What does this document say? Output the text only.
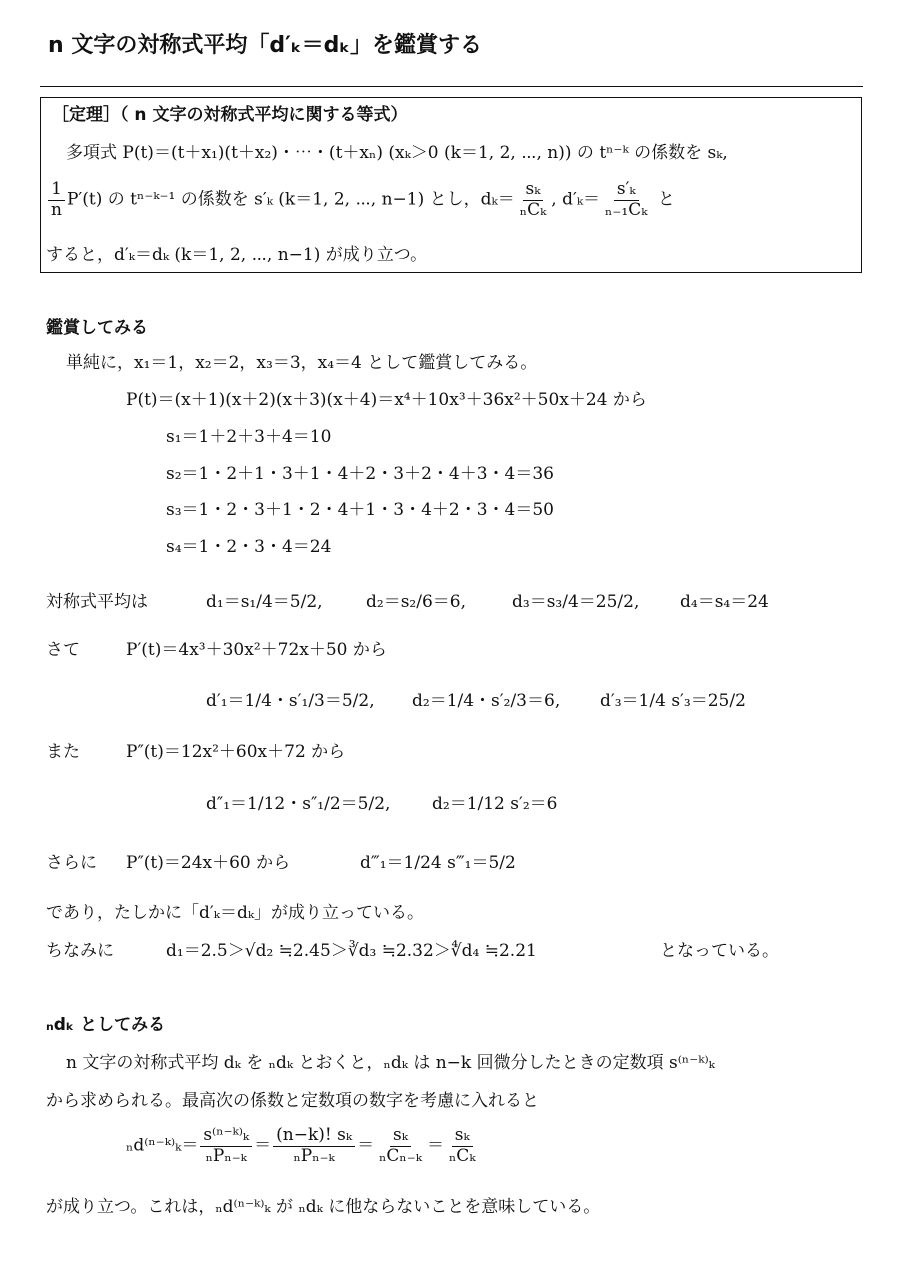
n 文字の対称式平均「d′ₖ＝dₖ」を鑑賞する
［定理］（ n 文字の対称式平均に関する等式）
多項式 P(t)＝(t＋x₁)(t＋x₂)・⋯・(t＋xₙ) (xₖ＞0 (k＝1, 2, ⋯, n)) の tⁿ⁻ᵏ の係数を sₖ,
$\frac{1}{n} P'(t)$ の tⁿ⁻ᵏ⁻¹ の係数を s′ₖ (k＝1, 2, ⋯, n−1) とし，$d_k= \frac{\text{sₖ}}{\text{ₙCₖ}}$ , $d'_k= \frac{\text{s′ₖ}}{\text{ₙ₋₁Cₖ}}$ と
すると，d′ₖ＝dₖ (k＝1, 2, ⋯, n−1) が成り立つ。
鑑賞してみる
単純に，x₁＝1，x₂＝2，x₃＝3，x₄＝4 として鑑賞してみる。
P(t)＝(x＋1)(x＋2)(x＋3)(x＋4)＝x⁴＋10x³＋36x²＋50x＋24 から
s₁＝1＋2＋3＋4＝10
s₂＝1・2＋1・3＋1・4＋2・3＋2・4＋3・4＝36
s₃＝1・2・3＋1・2・4＋1・3・4＋2・3・4＝50
s₄＝1・2・3・4＝24
対称式平均は	d₁＝s₁/4＝5/2,	d₂＝s₂/6＝6,	d₃＝s₃/4＝25/2, d₄＝s₄＝24
さて	P′(t)＝4x³＋30x²＋72x＋50 から
d′₁＝1/4・s′₁/3＝5/2, d₂＝1/4・s′₂/3＝6, d′₃＝1/4 s′₃＝25/2
また	P″(t)＝12x²＋60x＋72 から
d″₁＝1/12・s″₁/2＝5/2, d₂＝1/12 s′₂＝6
さらに P″(t)＝24x＋60 から	d‴₁＝1/24 s‴₁＝5/2
であり，たしかに「d′ₖ＝dₖ」が成り立っている。
ちなみに	d₁＝2.5＞√d₂ ≒2.45＞∛d₃ ≒2.32＞∜d₄ ≒2.21	となっている。
ₙdₖ としてみる
n 文字の対称式平均 dₖ を ₙdₖ とおくと，ₙdₖ は n−k 回微分したときの定数項 s⁽ⁿ⁻ᵏ⁾ₖ
から求められる。最高次の係数と定数項の数字を考慮に入れると
ₙd⁽ⁿ⁻ᵏ⁾ₖ＝ $\frac{\text{s⁽ⁿ⁻ᵏ⁾ₖ}}{\text{ₙPₙ₋ₖ}} = \frac{\text{(n−k)! sₖ}}{\text{ₙPₙ₋ₖ}} = \frac{\text{sₖ}}{\text{ₙCₙ₋ₖ}} = \frac{\text{sₖ}}{\text{ₙCₖ}}$
が成り立つ。これは，ₙd⁽ⁿ⁻ᵏ⁾ₖ が ₙdₖ に他ならないことを意味している。
